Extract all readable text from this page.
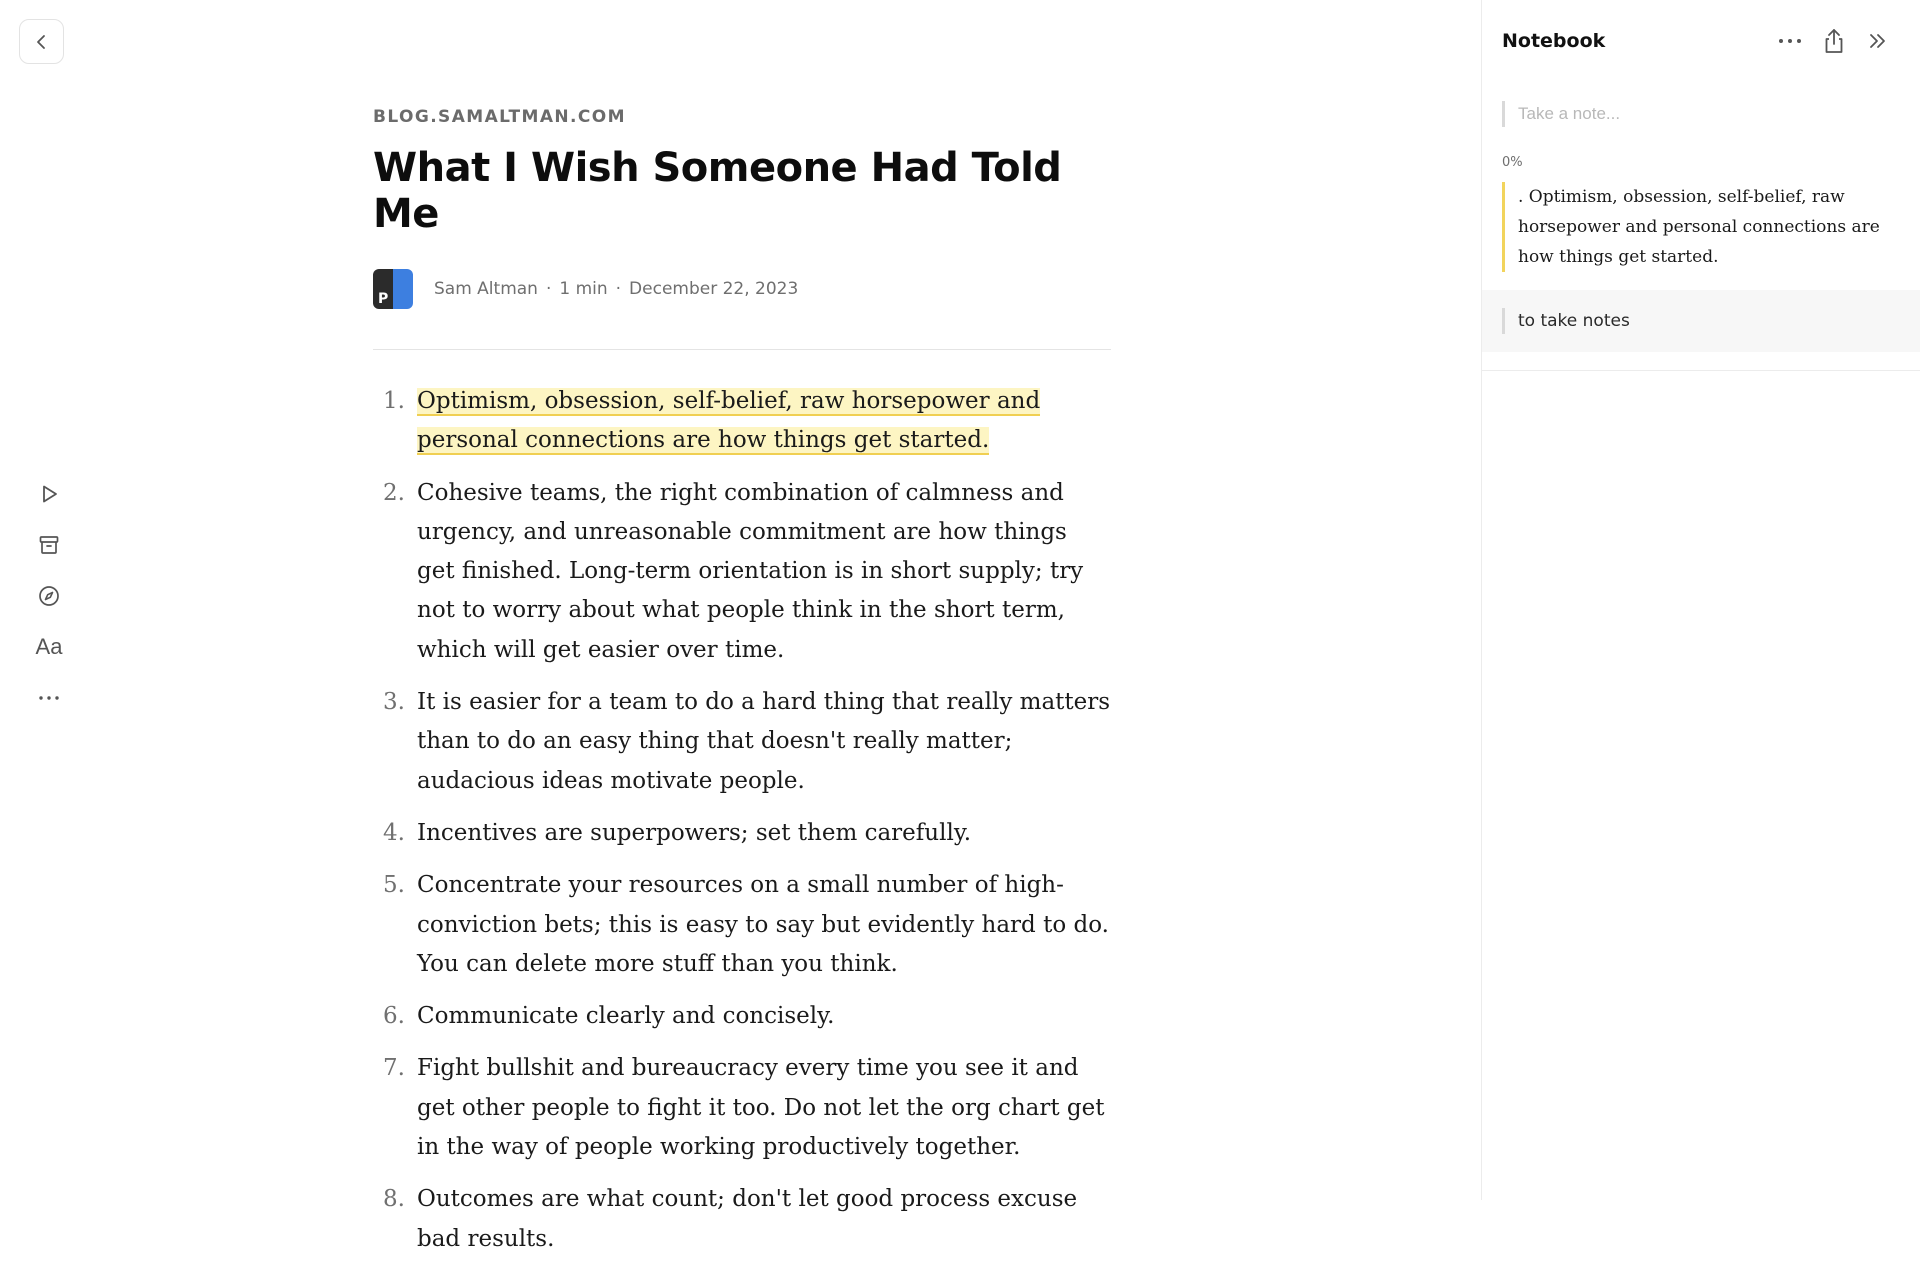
Aa
BLOG.SAMALTMAN.COM
What I Wish Someone Had Told Me
P	Sam Altman · 1 min · December 22, 2023
1. Optimism, obsession, self-belief, raw horsepower and personal connections are how things get started.
2. Cohesive teams, the right combination of calmness and urgency, and unreasonable commitment are how things get finished. Long-term orientation is in short supply; try not to worry about what people think in the short term, which will get easier over time.
3. It is easier for a team to do a hard thing that really matters than to do an easy thing that doesn't really matter; audacious ideas motivate people.
4. Incentives are superpowers; set them carefully.
5. Concentrate your resources on a small number of high-conviction bets; this is easy to say but evidently hard to do. You can delete more stuff than you think.
6. Communicate clearly and concisely.
7. Fight bullshit and bureaucracy every time you see it and get other people to fight it too. Do not let the org chart get in the way of people working productively together.
8. Outcomes are what count; don't let good process excuse bad results.
Notebook
Take a note...
0%
. Optimism, obsession, self-belief, raw horsepower and personal connections are how things get started.
to take notes
